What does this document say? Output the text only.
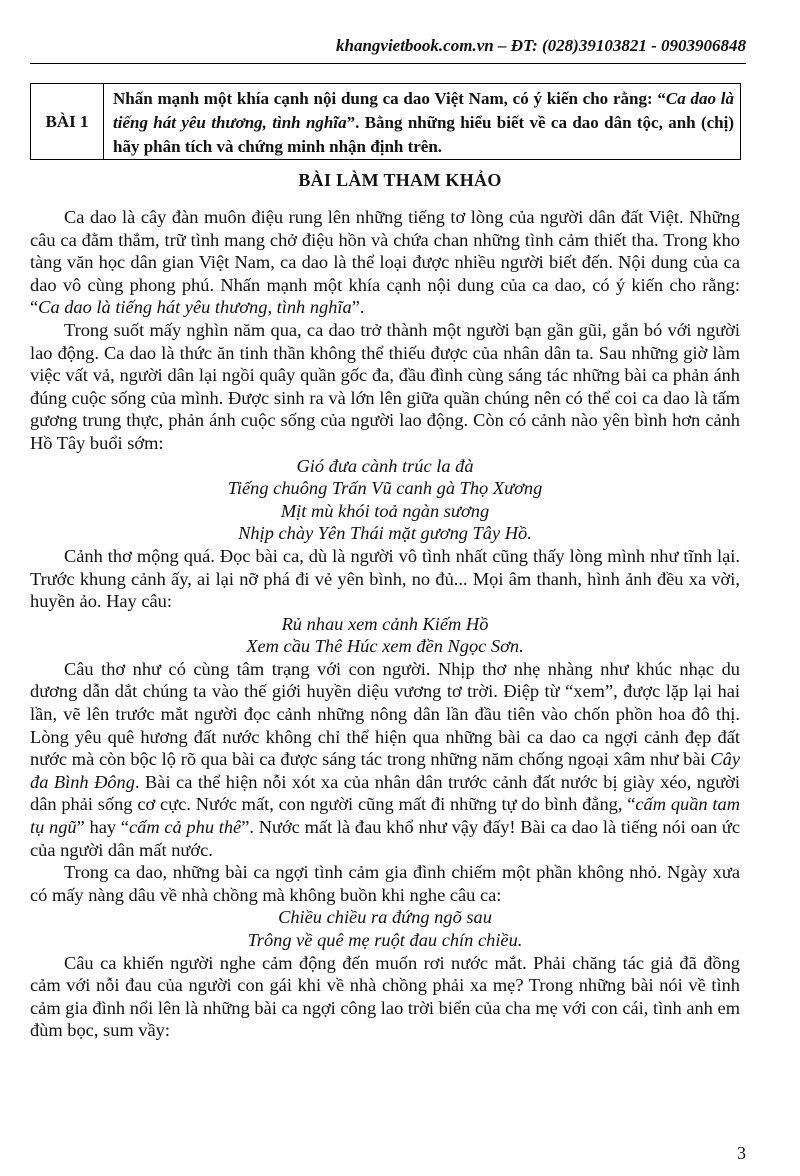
khangvietbook.com.vn – ĐT: (028)39103821 - 0903906848
BÀI 1
Nhấn mạnh một khía cạnh nội dung ca dao Việt Nam, có ý kiến cho rằng: “Ca dao là tiếng hát yêu thương, tình nghĩa”. Bằng những hiểu biết về ca dao dân tộc, anh (chị) hãy phân tích và chứng minh nhận định trên.
BÀI LÀM THAM KHẢO

Ca dao là cây đàn muôn điệu rung lên những tiếng tơ lòng của người dân đất Việt. Những câu ca đằm thắm, trữ tình mang chở điệu hồn và chứa chan những tình cảm thiết tha. Trong kho tàng văn học dân gian Việt Nam, ca dao là thể loại được nhiều người biết đến. Nội dung của ca dao vô cùng phong phú. Nhấn mạnh một khía cạnh nội dung của ca dao, có ý kiến cho rằng: “Ca dao là tiếng hát yêu thương, tình nghĩa”.

Trong suốt mấy nghìn năm qua, ca dao trở thành một người bạn gần gũi, gắn bó với người lao động. Ca dao là thức ăn tinh thần không thể thiếu được của nhân dân ta. Sau những giờ làm việc vất vả, người dân lại ngồi quây quần gốc đa, đầu đình cùng sáng tác những bài ca phản ánh đúng cuộc sống của mình. Được sinh ra và lớn lên giữa quần chúng nên có thể coi ca dao là tấm gương trung thực, phản ánh cuộc sống của người lao động. Còn có cảnh nào yên bình hơn cảnh Hồ Tây buổi sớm:

Gió đưa cành trúc la đà
Tiếng chuông Trấn Vũ canh gà Thọ Xương
Mịt mù khói toả ngàn sương
Nhịp chày Yên Thái mặt gương Tây Hồ.

Cảnh thơ mộng quá. Đọc bài ca, dù là người vô tình nhất cũng thấy lòng mình như tĩnh lại. Trước khung cảnh ấy, ai lại nỡ phá đi vẻ yên bình, no đủ... Mọi âm thanh, hình ảnh đều xa vời, huyền ảo. Hay câu:

Rủ nhau xem cảnh Kiếm Hồ
Xem cầu Thê Húc xem đền Ngọc Sơn.

Câu thơ như có cùng tâm trạng với con người. Nhịp thơ nhẹ nhàng như khúc nhạc du dương dẫn dắt chúng ta vào thế giới huyền diệu vương tơ trời. Điệp từ “xem”, được lặp lại hai lần, vẽ lên trước mắt người đọc cảnh những nông dân lần đầu tiên vào chốn phồn hoa đô thị. Lòng yêu quê hương đất nước không chỉ thể hiện qua những bài ca dao ca ngợi cảnh đẹp đất nước mà còn bộc lộ rõ qua bài ca được sáng tác trong những năm chống ngoại xâm như bài Cây đa Bình Đông. Bài ca thể hiện nỗi xót xa của nhân dân trước cảnh đất nước bị giày xéo, người dân phải sống cơ cực. Nước mất, con người cũng mất đi những tự do bình đẳng, “cấm quần tam tụ ngũ” hay “cấm cả phu thê”. Nước mất là đau khổ như vậy đấy! Bài ca dao là tiếng nói oan ức của người dân mất nước.

Trong ca dao, những bài ca ngợi tình cảm gia đình chiếm một phần không nhỏ. Ngày xưa có mấy nàng dâu về nhà chồng mà không buồn khi nghe câu ca:

Chiều chiều ra đứng ngõ sau
Trông về quê mẹ ruột đau chín chiều.

Câu ca khiến người nghe cảm động đến muốn rơi nước mắt. Phải chăng tác giả đã đồng cảm với nỗi đau của người con gái khi về nhà chồng phải xa mẹ? Trong những bài nói về tình cảm gia đình nổi lên là những bài ca ngợi công lao trời biển của cha mẹ với con cái, tình anh em đùm bọc, sum vầy:

3
